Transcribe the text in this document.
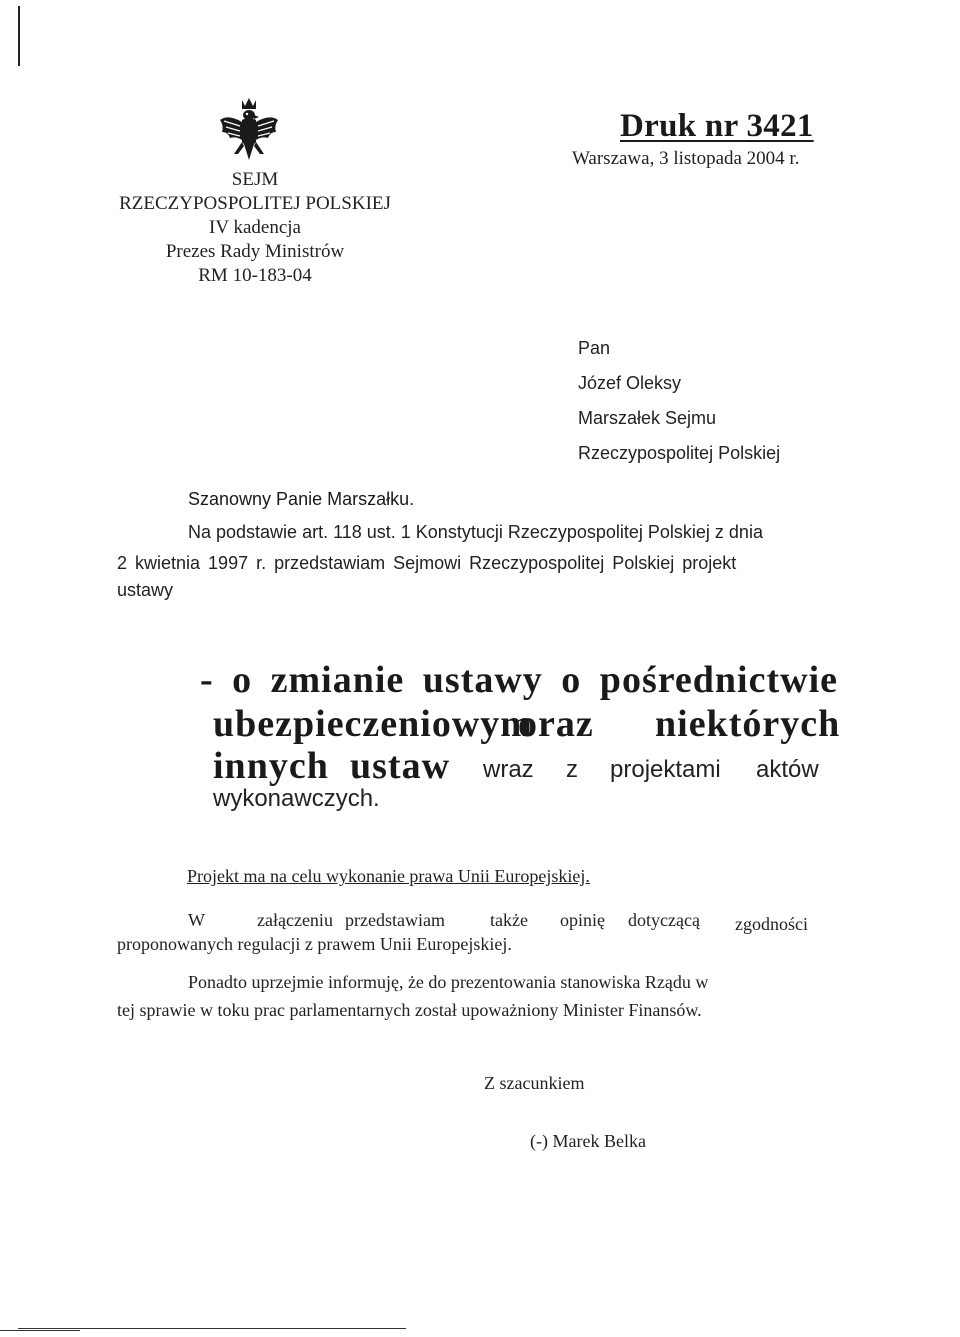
SEJM
RZECZYPOSPOLITEJ POLSKIEJ
IV kadencja
Prezes Rady Ministrów
RM 10-183-04
Druk nr 3421
Warszawa, 3 listopada 2004 r.
Pan
Józef Oleksy
Marszałek Sejmu
Rzeczypospolitej Polskiej
Szanowny Panie Marszałku.
Na podstawie art. 118 ust. 1 Konstytucji Rzeczypospolitej Polskiej z dnia
2 kwietnia 1997 r. przedstawiam Sejmowi Rzeczypospolitej Polskiej projekt
ustawy
- o zmianie ustawy o pośrednictwie
ubezpieczeniowym
oraz niektórych
innych ustaw wraz z projektami aktów
wykonawczych.
Projekt ma na celu wykonanie prawa Unii Europejskiej.
W	załączeniu przedstawiam	także opinię dotyczącą zgodności
proponowanych regulacji z prawem Unii Europejskiej.
Ponadto uprzejmie informuję, że do prezentowania stanowiska Rządu w
tej sprawie w toku prac parlamentarnych został upoważniony Minister Finansów.
Z szacunkiem
(-) Marek Belka
